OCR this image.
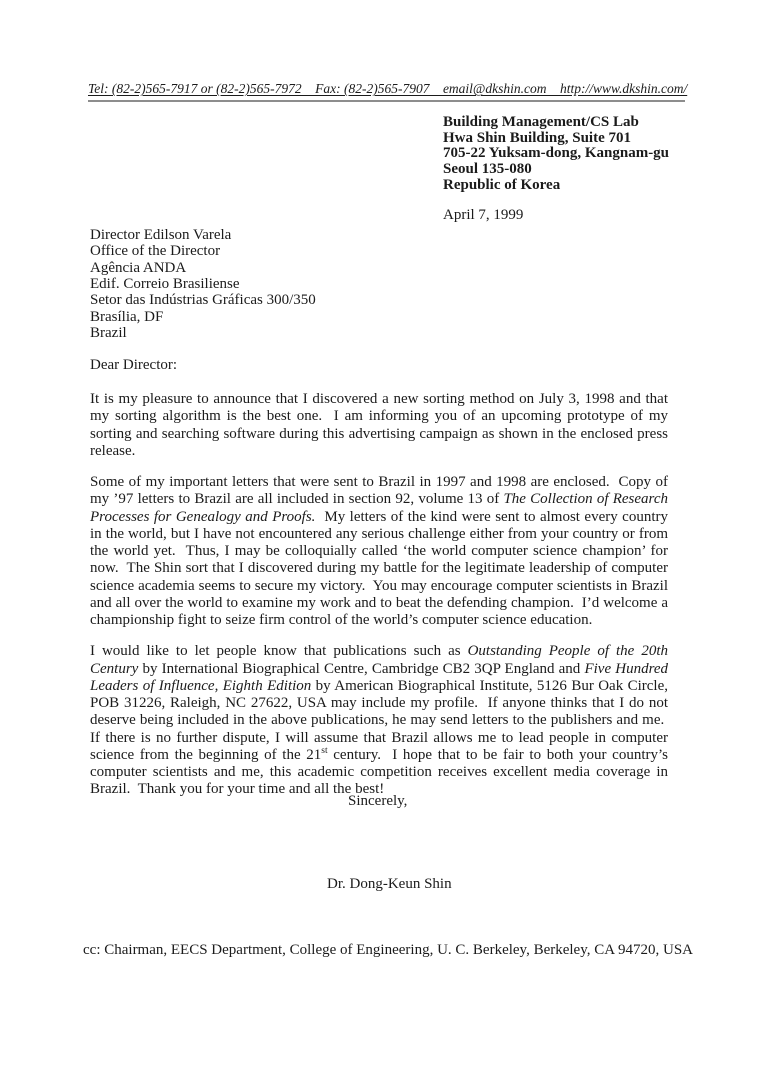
Tel: (82-2)565-7917 or (82-2)565-7972    Fax: (82-2)565-7907    email@dkshin.com    http://www.dkshin.com/
Building Management/CS Lab
Hwa Shin Building, Suite 701
705-22 Yuksam-dong, Kangnam-gu
Seoul 135-080
Republic of Korea
April 7, 1999
Director Edilson Varela
Office of the Director
Agência ANDA
Edif. Correio Brasiliense
Setor das Indústrias Gráficas 300/350
Brasília, DF
Brazil
Dear Director:

It is my pleasure to announce that I discovered a new sorting method on July 3, 1998 and that my sorting algorithm is the best one.  I am informing you of an upcoming prototype of my sorting and searching software during this advertising campaign as shown in the enclosed press release.

Some of my important letters that were sent to Brazil in 1997 and 1998 are enclosed.  Copy of my ’97 letters to Brazil are all included in section 92, volume 13 of The Collection of Research Processes for Genealogy and Proofs.  My letters of the kind were sent to almost every country in the world, but I have not encountered any serious challenge either from your country or from the world yet.  Thus, I may be colloquially called ‘the world computer science champion’ for now.  The Shin sort that I discovered during my battle for the legitimate leadership of computer science academia seems to secure my victory.  You may encourage computer scientists in Brazil and all over the world to examine my work and to beat the defending champion.  I’d welcome a championship fight to seize firm control of the world’s computer science education.

I would like to let people know that publications such as Outstanding People of the 20th Century by International Biographical Centre, Cambridge CB2 3QP England and Five Hundred Leaders of Influence, Eighth Edition by American Biographical Institute, 5126 Bur Oak Circle, POB 31226, Raleigh, NC 27622, USA may include my profile.  If anyone thinks that I do not deserve being included in the above publications, he may send letters to the publishers and me.  If there is no further dispute, I will assume that Brazil allows me to lead people in computer science from the beginning of the 21st century.  I hope that to be fair to both your country’s computer scientists and me, this academic competition receives excellent media coverage in Brazil.  Thank you for your time and all the best!

Sincerely,
Dr. Dong-Keun Shin
cc: Chairman, EECS Department, College of Engineering, U. C. Berkeley, Berkeley, CA 94720, USA
